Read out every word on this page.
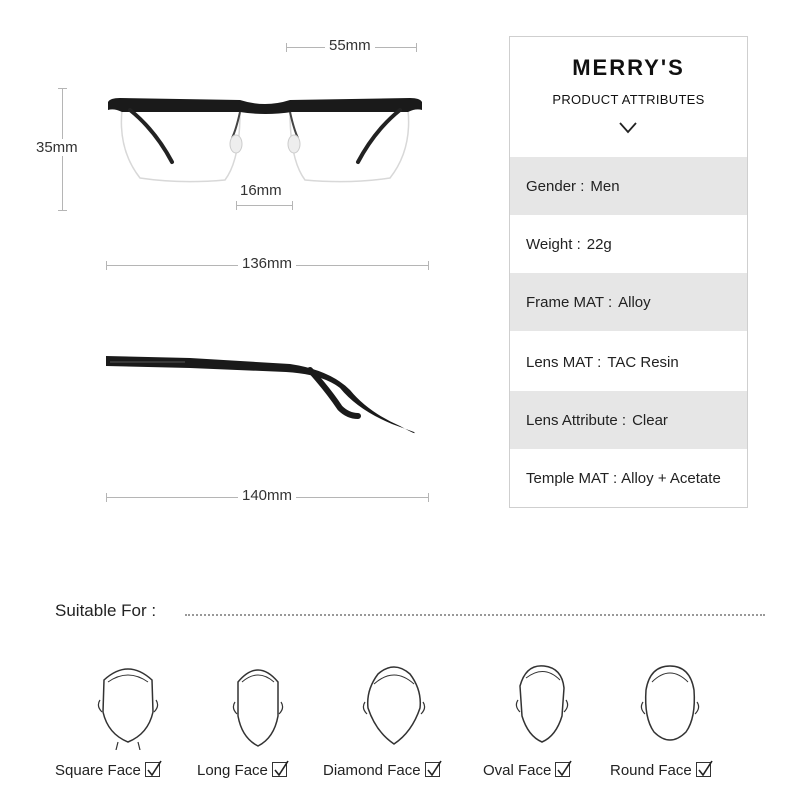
55mm
35mm
16mm
136mm
140mm
MERRY'S
PRODUCT ATTRIBUTES
Gender : Men
Weight : 22g
Frame MAT : Alloy
Lens MAT : TAC Resin
Lens Attribute : Clear
Temple MAT : Alloy + Acetate
Suitable For :
Square Face	Long Face	Diamond Face	Oval Face	Round Face
